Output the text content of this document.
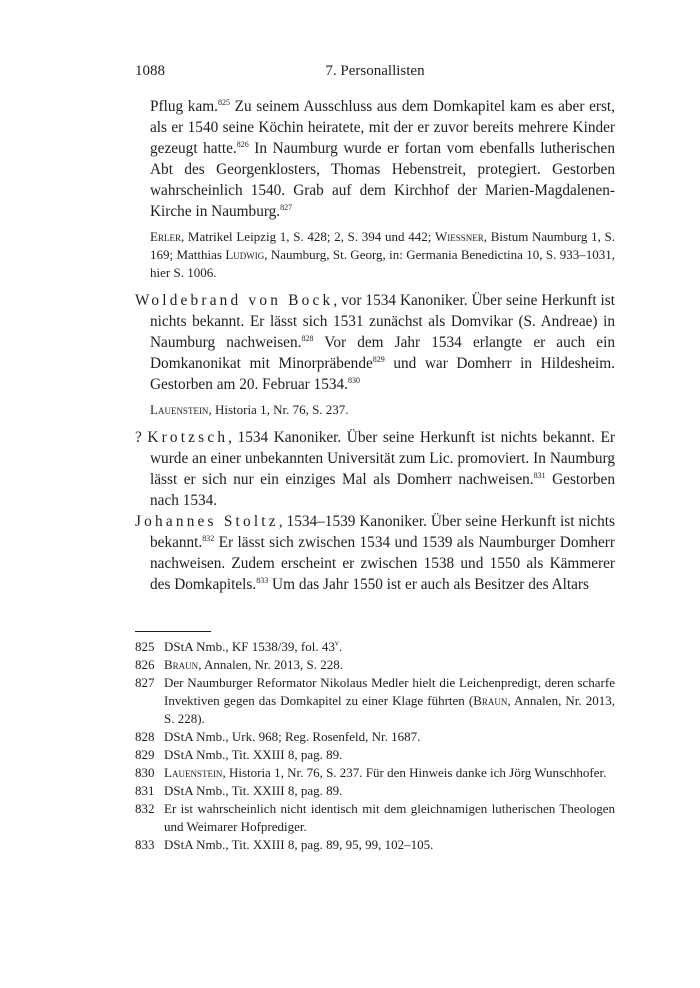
1088	7. Personallisten

Pflug kam.$^{825}$ Zu seinem Ausschluss aus dem Domkapitel kam es aber erst, als er 1540 seine Köchin heiratete, mit der er zuvor bereits mehrere Kinder gezeugt hatte.$^{826}$ In Naumburg wurde er fortan vom ebenfalls lutherischen Abt des Georgenklosters, Thomas Hebenstreit, protegiert. Gestorben wahrscheinlich 1540. Grab auf dem Kirchhof der Marien-Magdalenen-Kirche in Naumburg.$^{827}$

Erler, Matrikel Leipzig 1, S. 428; 2, S. 394 und 442; Wiessner, Bistum Naumburg 1, S. 169; Matthias Ludwig, Naumburg, St. Georg, in: Germania Benedictina 10, S. 933–1031, hier S. 1006.

Woldebrand von Bock, vor 1534 Kanoniker. Über seine Herkunft ist nichts bekannt. Er lässt sich 1531 zunächst als Domvikar (S. Andreae) in Naumburg nachweisen.$^{828}$ Vor dem Jahr 1534 erlangte er auch ein Domkanonikat mit Minorpräbende$^{829}$ und war Domherr in Hildesheim. Gestorben am 20. Februar 1534.$^{830}$

Lauenstein, Historia 1, Nr. 76, S. 237.

? Krotzsch, 1534 Kanoniker. Über seine Herkunft ist nichts bekannt. Er wurde an einer unbekannten Universität zum Lic. promoviert. In Naumburg lässt er sich nur ein einziges Mal als Domherr nachweisen.$^{831}$ Gestorben nach 1534.

Johannes Stoltz, 1534–1539 Kanoniker. Über seine Herkunft ist nichts bekannt.$^{832}$ Er lässt sich zwischen 1534 und 1539 als Naumburger Domherr nachweisen. Zudem erscheint er zwischen 1538 und 1550 als Kämmerer des Domkapitels.$^{833}$ Um das Jahr 1550 ist er auch als Besitzer des Altars

825 DStA Nmb., KF 1538/39, fol. 43$^v$.

826 Braun, Annalen, Nr. 2013, S. 228.

827 Der Naumburger Reformator Nikolaus Medler hielt die Leichenpredigt, deren scharfe Invektiven gegen das Domkapitel zu einer Klage führten (Braun, Annalen, Nr. 2013, S. 228).

828 DStA Nmb., Urk. 968; Reg. Rosenfeld, Nr. 1687.

829 DStA Nmb., Tit. XXIII 8, pag. 89.

830 Lauenstein, Historia 1, Nr. 76, S. 237. Für den Hinweis danke ich Jörg Wunschhofer.

831 DStA Nmb., Tit. XXIII 8, pag. 89.

832 Er ist wahrscheinlich nicht identisch mit dem gleichnamigen lutherischen Theologen und Weimarer Hofprediger.

833 DStA Nmb., Tit. XXIII 8, pag. 89, 95, 99, 102–105.
